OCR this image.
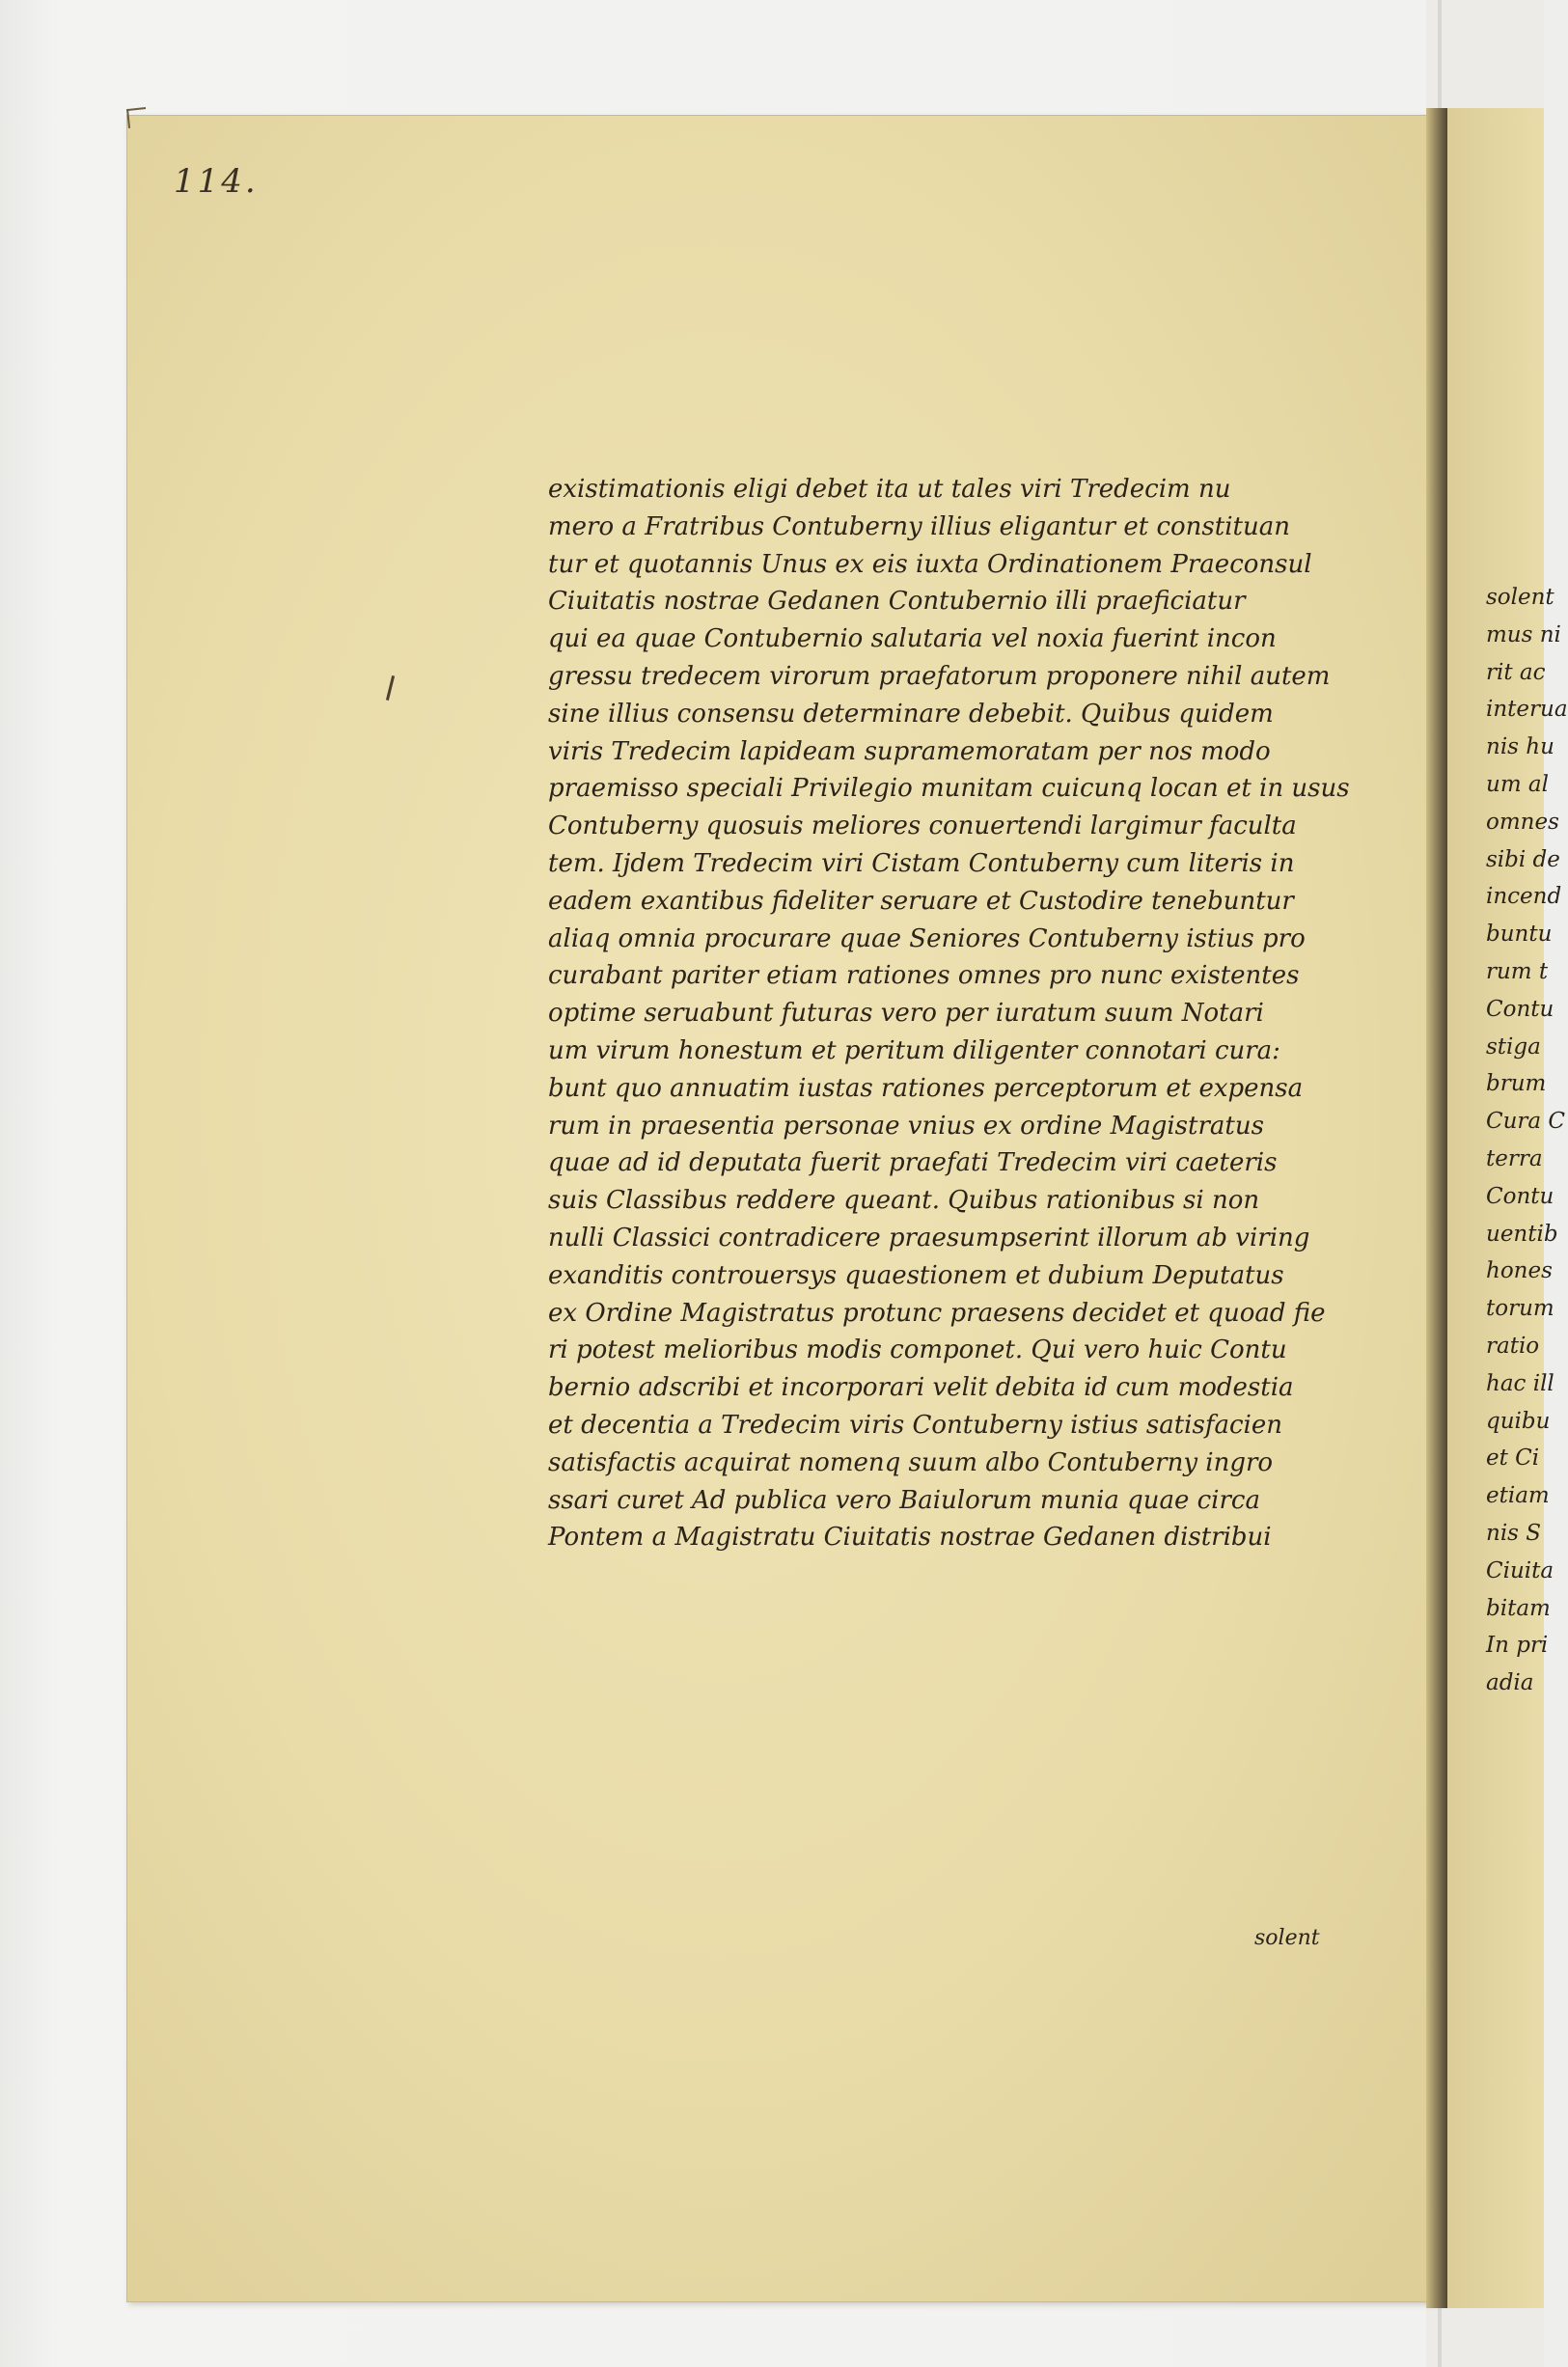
114.
existimationis eligi debet ita ut tales viri Tredecim nu
mero a Fratribus Contuberny illius eligantur et constituan
tur et quotannis Unus ex eis iuxta Ordinationem Praeconsul
Ciuitatis nostrae Gedanen Contubernio illi praeficiatur
qui ea quae Contubernio salutaria vel noxia fuerint incon
gressu tredecem virorum praefatorum proponere nihil autem
sine illius consensu determinare debebit. Quibus quidem
viris Tredecim lapideam supramemoratam per nos modo
praemisso speciali Privilegio munitam cuicunq locan et in usus
Contuberny quosuis meliores conuertendi largimur faculta
tem. Ijdem Tredecim viri Cistam Contuberny cum literis in
eadem exantibus fideliter seruare et Custodire tenebuntur
aliaq omnia procurare quae Seniores Contuberny istius pro
curabant pariter etiam rationes omnes pro nunc existentes
optime seruabunt futuras vero per iuratum suum Notari
um virum honestum et peritum diligenter connotari cura:
bunt quo annuatim iustas rationes perceptorum et expensa
rum in praesentia personae vnius ex ordine Magistratus
quae ad id deputata fuerit praefati Tredecim viri caeteris
suis Classibus reddere queant. Quibus rationibus si non
nulli Classici contradicere praesumpserint illorum ab viring
exanditis controuersys quaestionem et dubium Deputatus
ex Ordine Magistratus protunc praesens decidet et quoad fie
ri potest melioribus modis componet. Qui vero huic Contu
bernio adscribi et incorporari velit debita id cum modestia
et decentia a Tredecim viris Contuberny istius satisfacien
satisfactis acquirat nomenq suum albo Contuberny ingro
ssari curet Ad publica vero Baiulorum munia quae circa
Pontem a Magistratu Ciuitatis nostrae Gedanen distribui
solent
solent
mus ni
rit ac
interua
nis hu
um al
omnes
sibi de
incend
buntu
rum t
Contu
stiga
brum
Cura C
terra
Contu
uentib
hones
torum
ratio
hac ill
quibu
et Ci
etiam
nis S
Ciuita
bitam
In pri
adia
